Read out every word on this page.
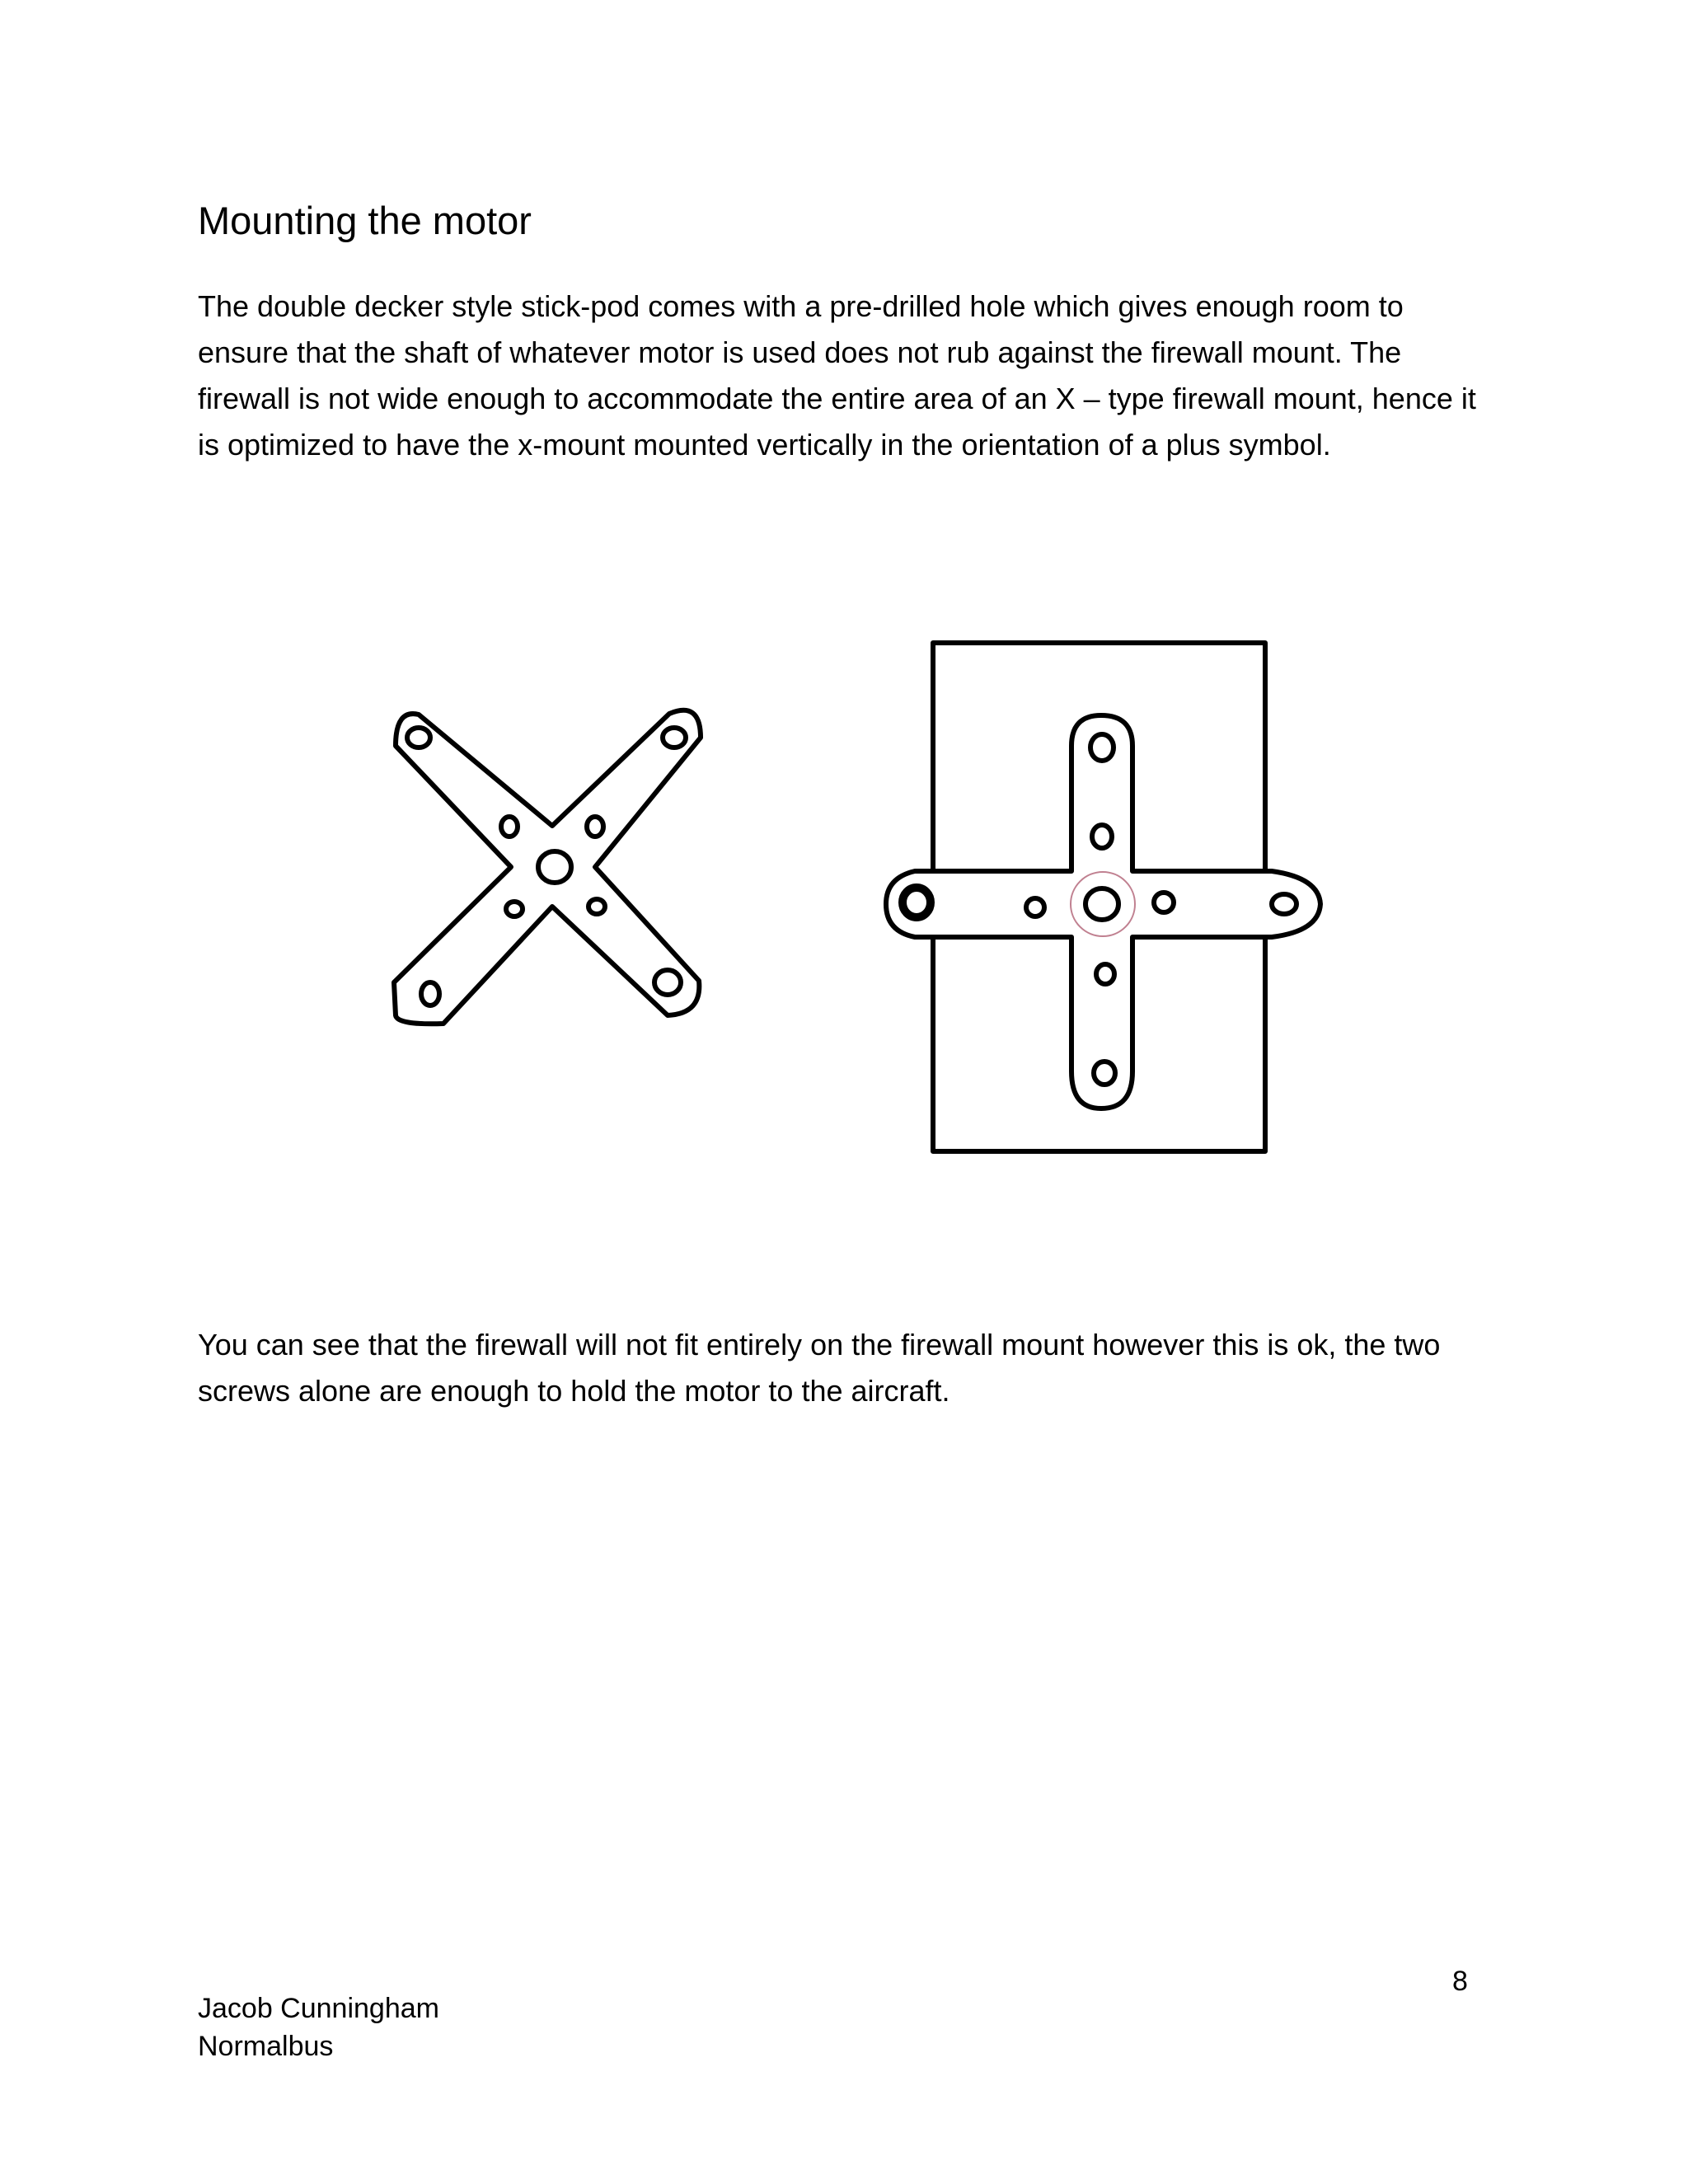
Mounting the motor

The double decker style stick-pod comes with a pre-drilled hole which gives enough room to ensure that the shaft of whatever motor is used does not rub against the firewall mount. The firewall is not wide enough to accommodate the entire area of an X – type firewall mount, hence it is optimized to have the x-mount mounted vertically in the orientation of a plus symbol.

You can see that the firewall will not fit entirely on the firewall mount however this is ok, the two screws alone are enough to hold the motor to the aircraft.

8
Jacob Cunningham
Normalbus
